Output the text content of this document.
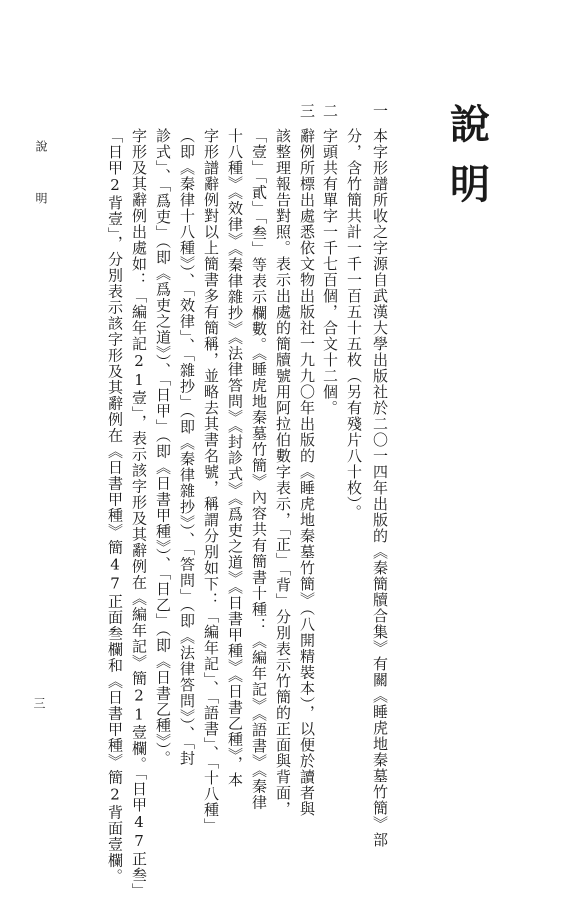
說
明
一
二
三
本字形譜所收之字源自武漢大學出版社於二〇一四年出版的《秦簡牘合集》有關《睡虎地秦墓竹簡》部
分，含竹簡共計一千一百五十五枚（另有殘片八十枚）。
字頭共有單字一千七百個，合文十二個。
辭例所標出處悉依文物出版社一九九〇年出版的《睡虎地秦墓竹簡》（八開精裝本），以便於讀者與
該整理報告對照。表示出處的簡牘號用阿拉伯數字表示，「正」「背」分別表示竹簡的正面與背面，
「壹」「貳」「叁」等表示欄數。《睡虎地秦墓竹簡》內容共有簡書十種：《編年記》《語書》《秦律
十八種》《效律》《秦律雜抄》《法律答問》《封診式》《爲吏之道》《日書甲種》《日書乙種》，本
字形譜辭例對以上簡書多有簡稱，並略去其書名號，稱謂分別如下：「編年記」、「語書」、「十八種」
（即《秦律十八種》）、「效律」、「雜抄」（即《秦律雜抄》）、「答問」（即《法律答問》）、「封
診式」、「爲吏」（即《爲吏之道》）、「日甲」（即《日書甲種》）、「日乙」（即《日書乙種》）。
字形及其辭例出處如：「編年記21壹」，表示該字形及其辭例在《編年記》簡21壹欄。「日甲47正叁」
「日甲2背壹」，分別表示該字形及其辭例在《日書甲種》簡47正面叁欄和《日書甲種》簡2背面壹欄。
說　明
三
